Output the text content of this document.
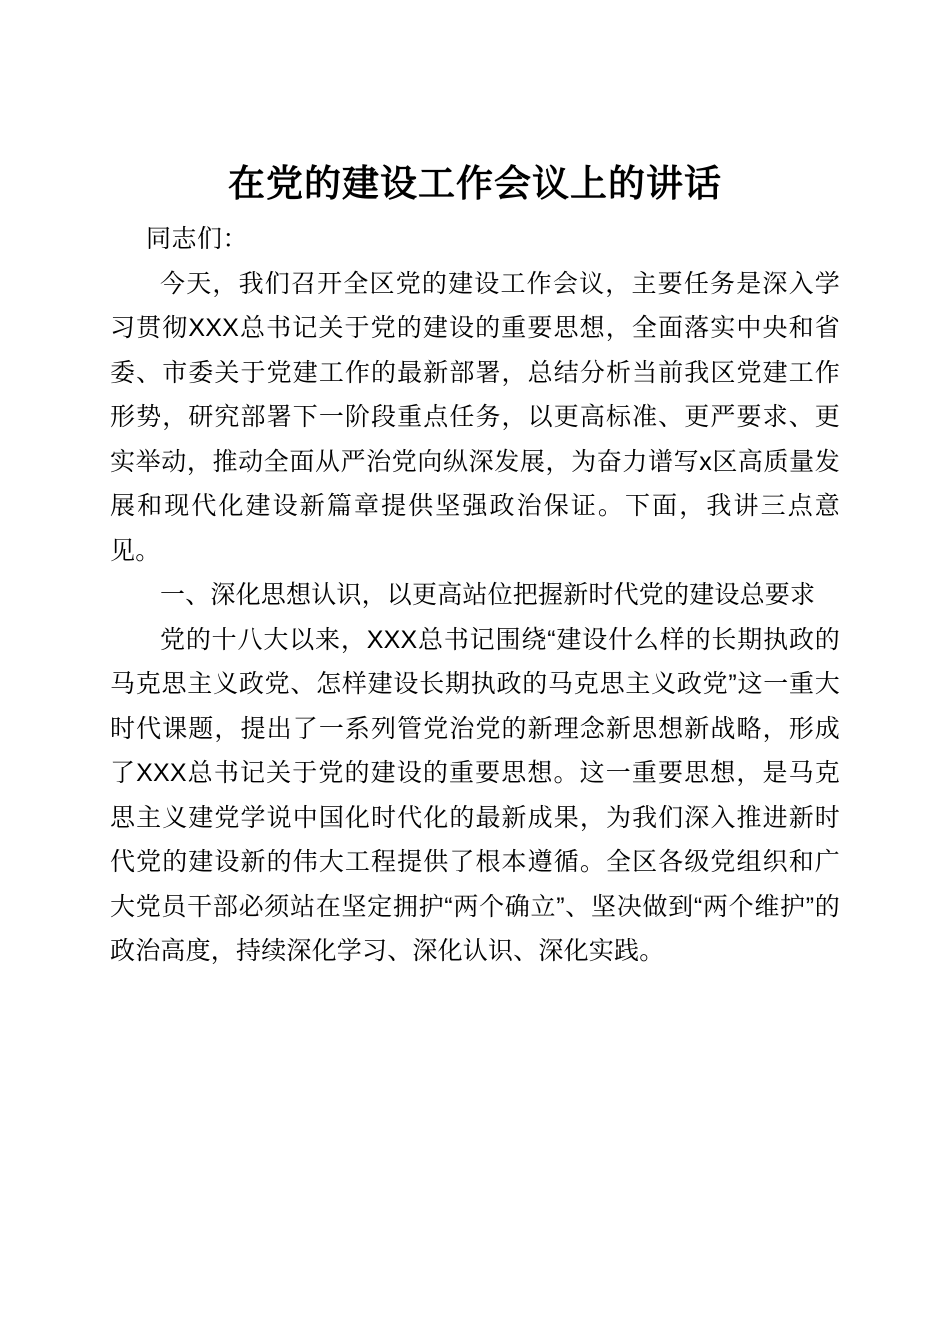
在党的建设工作会议上的讲话

同志们：

今天，我们召开全区党的建设工作会议，主要任务是深入学习贯彻XXX总书记关于党的建设的重要思想，全面落实中央和省委、市委关于党建工作的最新部署，总结分析当前我区党建工作形势，研究部署下一阶段重点任务，以更高标准、更严要求、更实举动，推动全面从严治党向纵深发展，为奋力谱写x区高质量发展和现代化建设新篇章提供坚强政治保证。下面，我讲三点意见。

一、深化思想认识，以更高站位把握新时代党的建设总要求

党的十八大以来，XXX总书记围绕“建设什么样的长期执政的马克思主义政党、怎样建设长期执政的马克思主义政党”这一重大时代课题，提出了一系列管党治党的新理念新思想新战略，形成了XXX总书记关于党的建设的重要思想。这一重要思想，是马克思主义建党学说中国化时代化的最新成果，为我们深入推进新时代党的建设新的伟大工程提供了根本遵循。全区各级党组织和广大党员干部必须站在坚定拥护“两个确立”、坚决做到“两个维护”的政治高度，持续深化学习、深化认识、深化实践。
